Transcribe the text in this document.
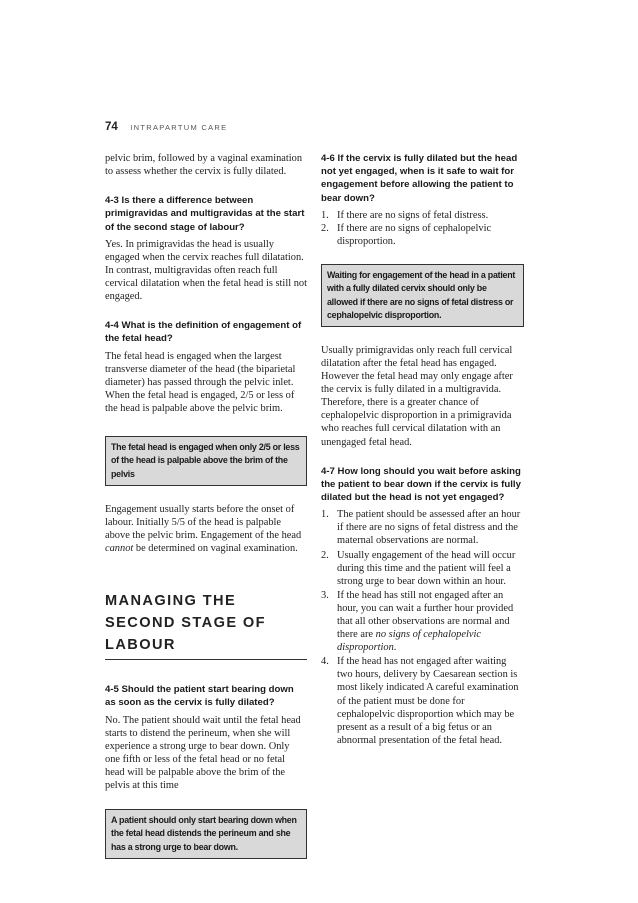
74 INTRAPARTUM CARE

pelvic brim, followed by a vaginal examination to assess whether the cervix is fully dilated.

4-3 Is there a difference between primigravidas and multigravidas at the start of the second stage of labour?

Yes. In primigravidas the head is usually engaged when the cervix reaches full dilatation. In contrast, multigravidas often reach full cervical dilatation when the fetal head is still not engaged.

4-4 What is the definition of engagement of the fetal head?

The fetal head is engaged when the largest transverse diameter of the head (the biparietal diameter) has passed through the pelvic inlet. When the fetal head is engaged, 2/5 or less of the head is palpable above the pelvic brim.

The fetal head is engaged when only 2/5 or less of the head is palpable above the brim of the pelvis

Engagement usually starts before the onset of labour. Initially 5/5 of the head is palpable above the pelvic brim. Engagement of the head cannot be determined on vaginal examination.

MANAGING THE SECOND STAGE OF LABOUR
4-5 Should the patient start bearing down as soon as the cervix is fully dilated?

No. The patient should wait until the fetal head starts to distend the perineum, when she will experience a strong urge to bear down. Only one fifth or less of the fetal head or no fetal head will be palpable above the brim of the pelvis at this time

A patient should only start bearing down when the fetal head distends the perineum and she has a strong urge to bear down.
4-6 If the cervix is fully dilated but the head not yet engaged, when is it safe to wait for engagement before allowing the patient to bear down?
1. If there are no signs of fetal distress.
2. If there are no signs of cephalopelvic disproportion.
Waiting for engagement of the head in a patient with a fully dilated cervix should only be allowed if there are no signs of fetal distress or cephalopelvic disproportion.

Usually primigravidas only reach full cervical dilatation after the fetal head has engaged. However the fetal head may only engage after the cervix is fully dilated in a multigravida. Therefore, there is a greater chance of cephalopelvic disproportion in a primigravida who reaches full cervical dilatation with an unengaged fetal head.

4-7 How long should you wait before asking the patient to bear down if the cervix is fully dilated but the head is not yet engaged?
1. The patient should be assessed after an hour if there are no signs of fetal distress and the maternal observations are normal.
2. Usually engagement of the head will occur during this time and the patient will feel a strong urge to bear down within an hour.
3. If the head has still not engaged after an hour, you can wait a further hour provided that all other observations are normal and there are no signs of cephalopelvic disproportion.
4. If the head has not engaged after waiting two hours, delivery by Caesarean section is most likely indicated A careful examination of the patient must be done for cephalopelvic disproportion which may be present as a result of a big fetus or an abnormal presentation of the fetal head.
